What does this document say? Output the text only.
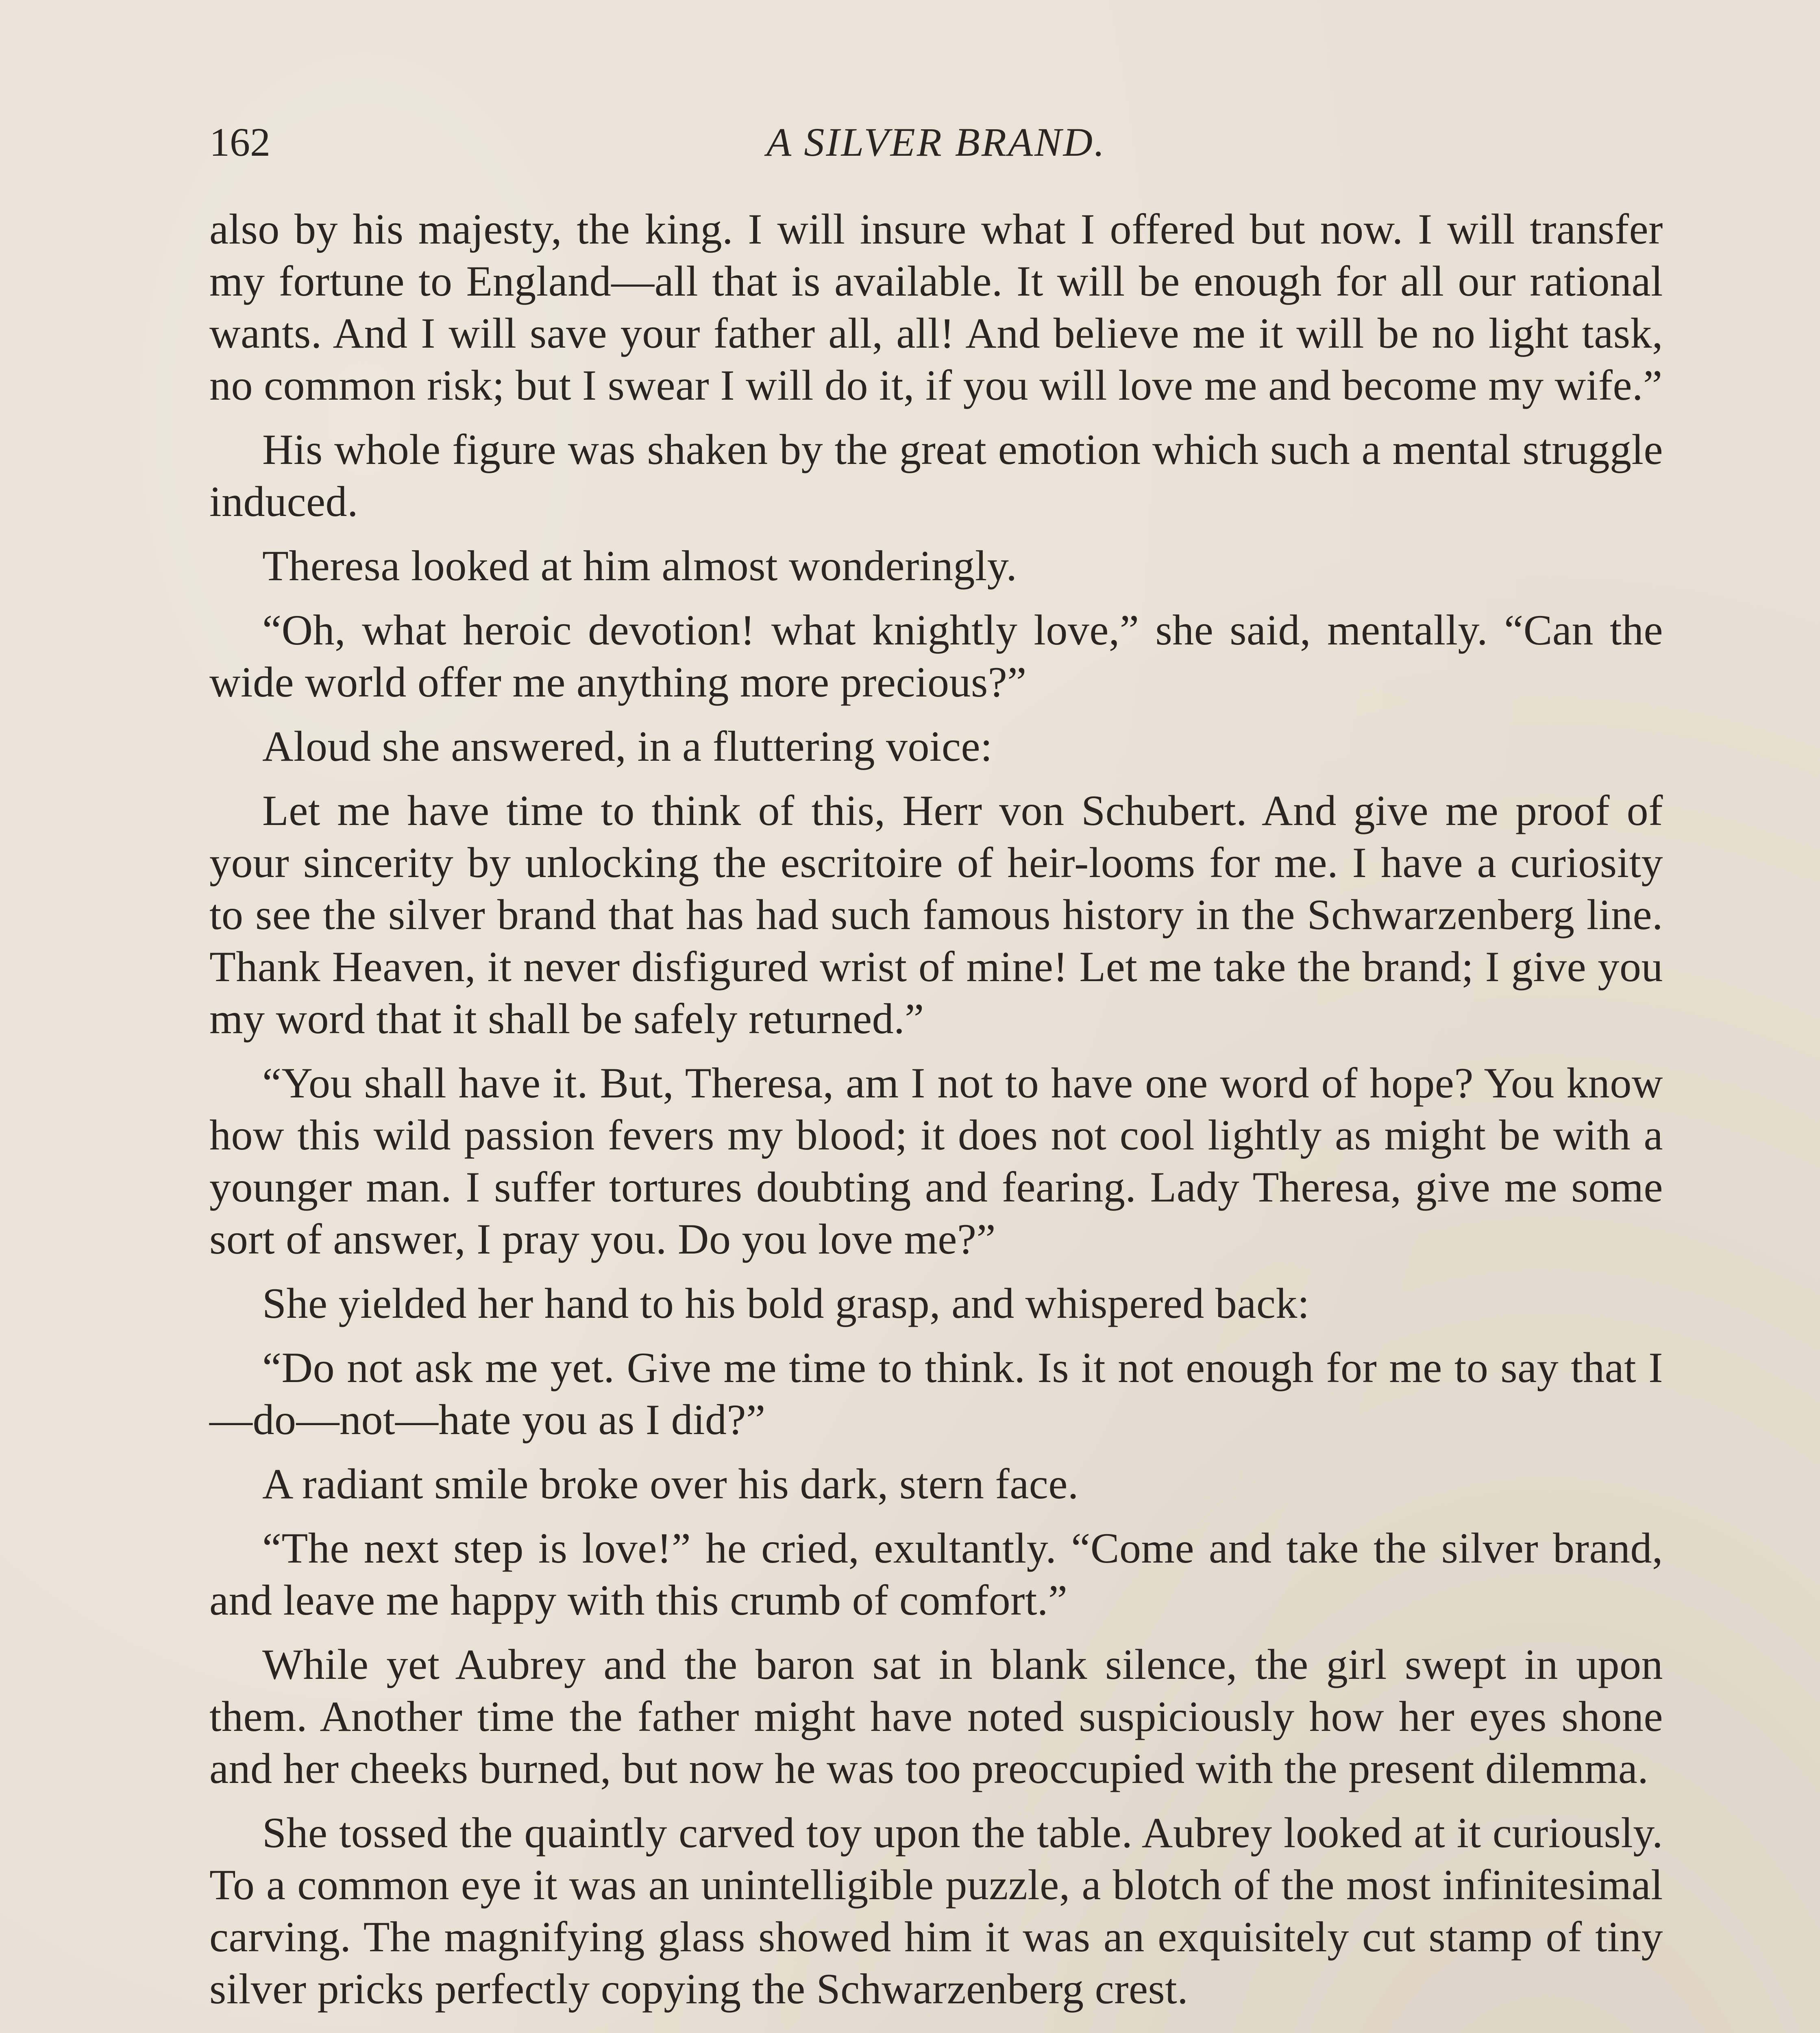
162	A SILVER BRAND.

also by his majesty, the king. I will insure what I offered but now. I will transfer my fortune to England—all that is available. It will be enough for all our rational wants. And I will save your father all, all! And believe me it will be no light task, no common risk; but I swear I will do it, if you will love me and become my wife.”

His whole figure was shaken by the great emotion which such a mental struggle induced.

Theresa looked at him almost wonderingly.

“Oh, what heroic devotion! what knightly love,” she said, mentally. “Can the wide world offer me anything more precious?”

Aloud she answered, in a fluttering voice:

Let me have time to think of this, Herr von Schubert. And give me proof of your sincerity by unlocking the escritoire of heir-looms for me. I have a curiosity to see the silver brand that has had such famous history in the Schwarzenberg line. Thank Heaven, it never disfigured wrist of mine! Let me take the brand; I give you my word that it shall be safely returned.”

“You shall have it. But, Theresa, am I not to have one word of hope? You know how this wild passion fevers my blood; it does not cool lightly as might be with a younger man. I suffer tortures doubting and fearing. Lady Theresa, give me some sort of answer, I pray you. Do you love me?”

She yielded her hand to his bold grasp, and whispered back:

“Do not ask me yet. Give me time to think. Is it not enough for me to say that I—do—not—hate you as I did?”

A radiant smile broke over his dark, stern face.

“The next step is love!” he cried, exultantly. “Come and take the silver brand, and leave me happy with this crumb of comfort.”

While yet Aubrey and the baron sat in blank silence, the girl swept in upon them. Another time the father might have noted suspiciously how her eyes shone and her cheeks burned, but now he was too preoccupied with the present dilemma.

She tossed the quaintly carved toy upon the table. Aubrey looked at it curiously. To a common eye it was an unintelligible puzzle, a blotch of the most infinitesimal carving. The magnifying glass showed him it was an exquisitely cut stamp of tiny silver pricks perfectly copying the Schwarzenberg crest.
